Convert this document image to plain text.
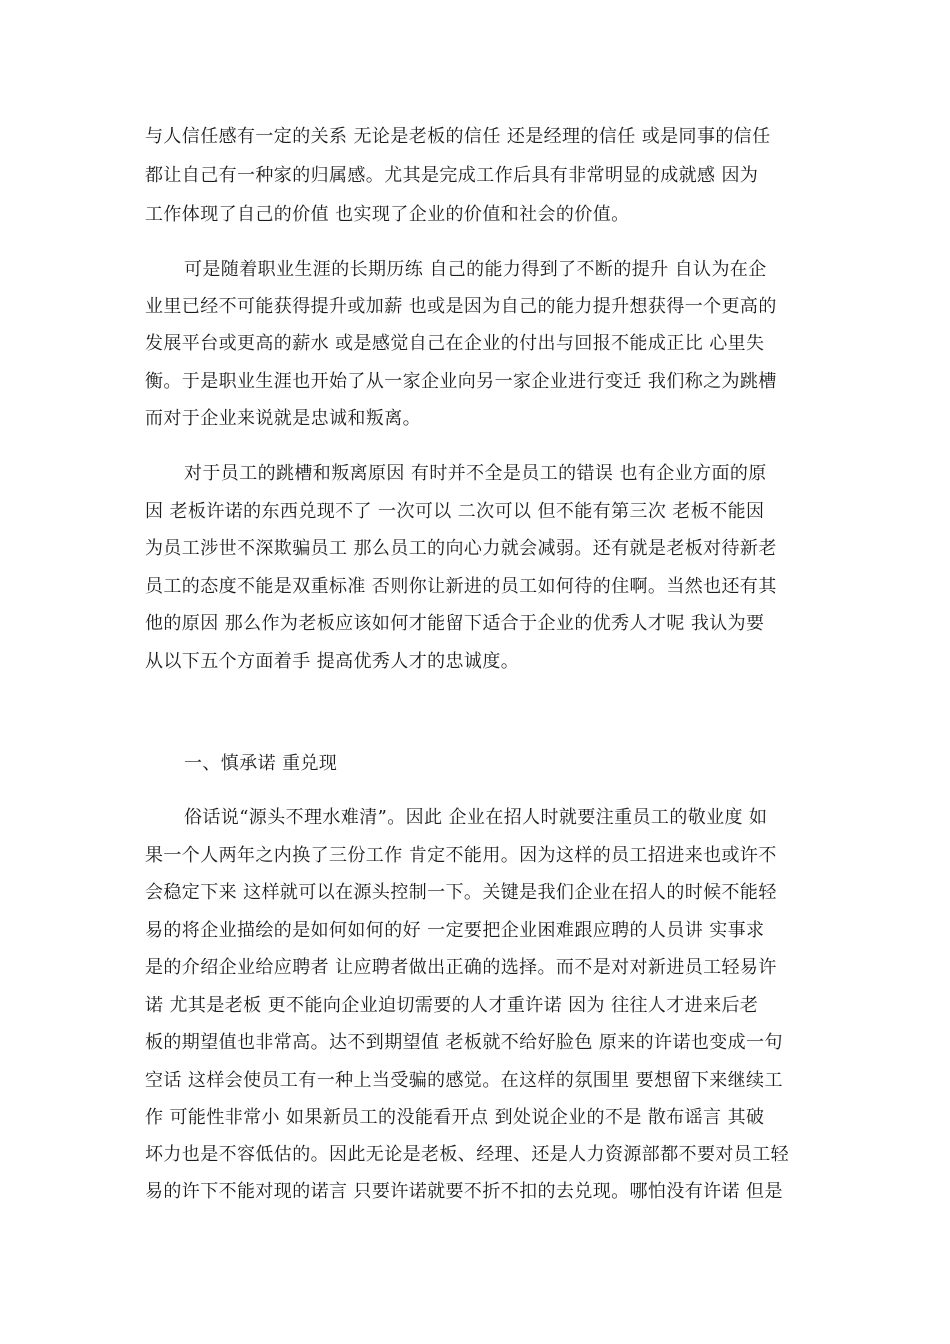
与人信任感有一定的关系 无论是老板的信任 还是经理的信任 或是同事的信任
都让自己有一种家的归属感。尤其是完成工作后具有非常明显的成就感 因为
工作体现了自己的价值 也实现了企业的价值和社会的价值。
可是随着职业生涯的长期历练 自己的能力得到了不断的提升 自认为在企
业里已经不可能获得提升或加薪 也或是因为自己的能力提升想获得一个更高的
发展平台或更高的薪水 或是感觉自己在企业的付出与回报不能成正比 心里失
衡。于是职业生涯也开始了从一家企业向另一家企业进行变迁 我们称之为跳槽
而对于企业来说就是忠诚和叛离。
对于员工的跳槽和叛离原因 有时并不全是员工的错误 也有企业方面的原
因 老板许诺的东西兑现不了 一次可以 二次可以 但不能有第三次 老板不能因
为员工涉世不深欺骗员工 那么员工的向心力就会减弱。还有就是老板对待新老
员工的态度不能是双重标准 否则你让新进的员工如何待的住啊。当然也还有其
他的原因 那么作为老板应该如何才能留下适合于企业的优秀人才呢 我认为要
从以下五个方面着手 提高优秀人才的忠诚度。
一、慎承诺 重兑现
俗话说“源头不理水难清”。因此 企业在招人时就要注重员工的敬业度 如
果一个人两年之内换了三份工作 肯定不能用。因为这样的员工招进来也或许不
会稳定下来 这样就可以在源头控制一下。关键是我们企业在招人的时候不能轻
易的将企业描绘的是如何如何的好 一定要把企业困难跟应聘的人员讲 实事求
是的介绍企业给应聘者 让应聘者做出正确的选择。而不是对对新进员工轻易许
诺 尤其是老板 更不能向企业迫切需要的人才重许诺 因为 往往人才进来后老
板的期望值也非常高。达不到期望值 老板就不给好脸色 原来的许诺也变成一句
空话 这样会使员工有一种上当受骗的感觉。在这样的氛围里 要想留下来继续工
作 可能性非常小 如果新员工的没能看开点 到处说企业的不是 散布谣言 其破
坏力也是不容低估的。因此无论是老板、经理、还是人力资源部都不要对员工轻
易的许下不能对现的诺言 只要许诺就要不折不扣的去兑现。哪怕没有许诺 但是
